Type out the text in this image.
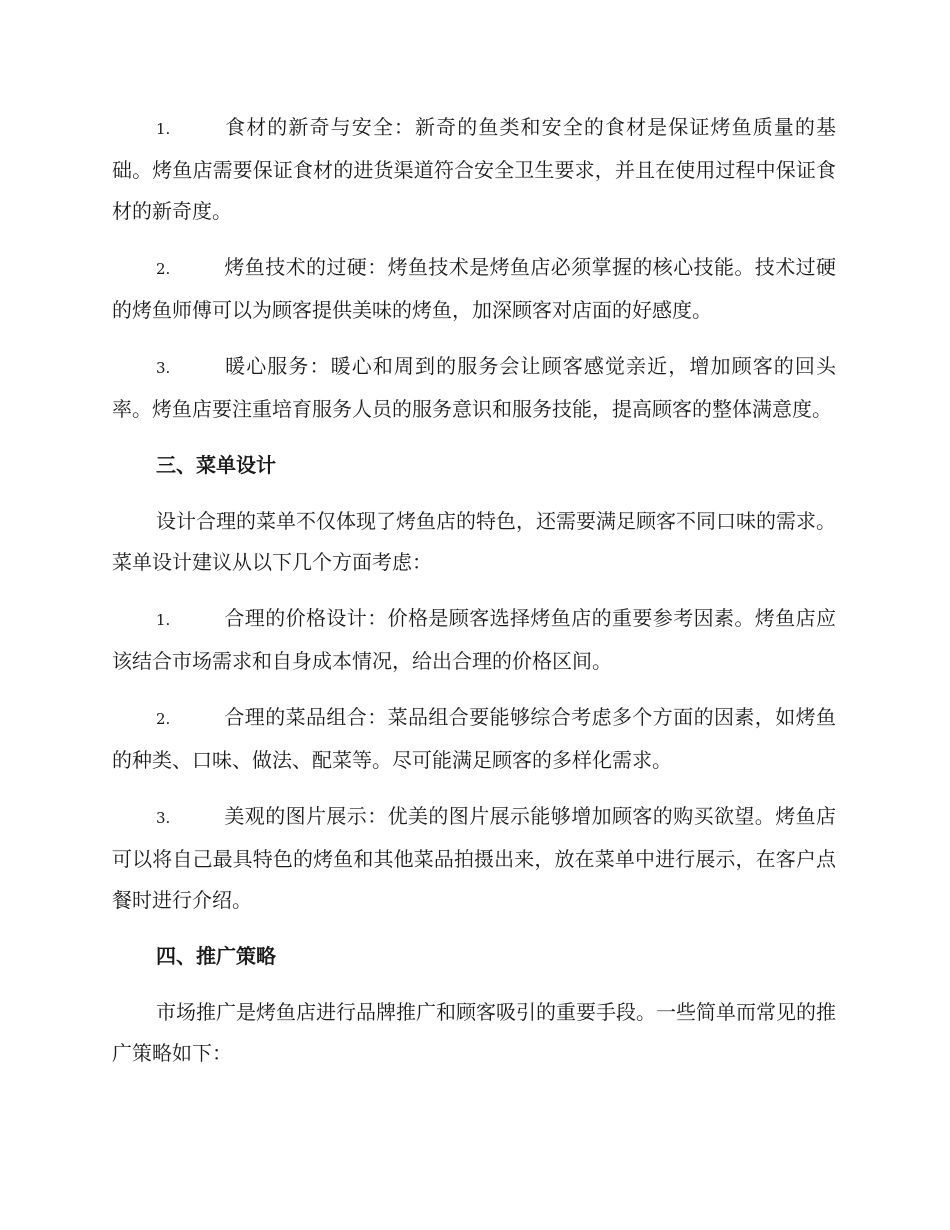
1.	食材的新奇与安全：新奇的鱼类和安全的食材是保证烤鱼质量的基础。烤鱼店需要保证食材的进货渠道符合安全卫生要求，并且在使用过程中保证食材的新奇度。

2.	烤鱼技术的过硬：烤鱼技术是烤鱼店必须掌握的核心技能。技术过硬的烤鱼师傅可以为顾客提供美味的烤鱼，加深顾客对店面的好感度。

3.	暖心服务：暖心和周到的服务会让顾客感觉亲近，增加顾客的回头率。烤鱼店要注重培育服务人员的服务意识和服务技能，提高顾客的整体满意度。

三、菜单设计

设计合理的菜单不仅体现了烤鱼店的特色，还需要满足顾客不同口味的需求。菜单设计建议从以下几个方面考虑：

1.	合理的价格设计：价格是顾客选择烤鱼店的重要参考因素。烤鱼店应该结合市场需求和自身成本情况，给出合理的价格区间。

2.	合理的菜品组合：菜品组合要能够综合考虑多个方面的因素，如烤鱼的种类、口味、做法、配菜等。尽可能满足顾客的多样化需求。

3.	美观的图片展示：优美的图片展示能够增加顾客的购买欲望。烤鱼店可以将自己最具特色的烤鱼和其他菜品拍摄出来，放在菜单中进行展示，在客户点餐时进行介绍。

四、推广策略

市场推广是烤鱼店进行品牌推广和顾客吸引的重要手段。一些简单而常见的推广策略如下：
